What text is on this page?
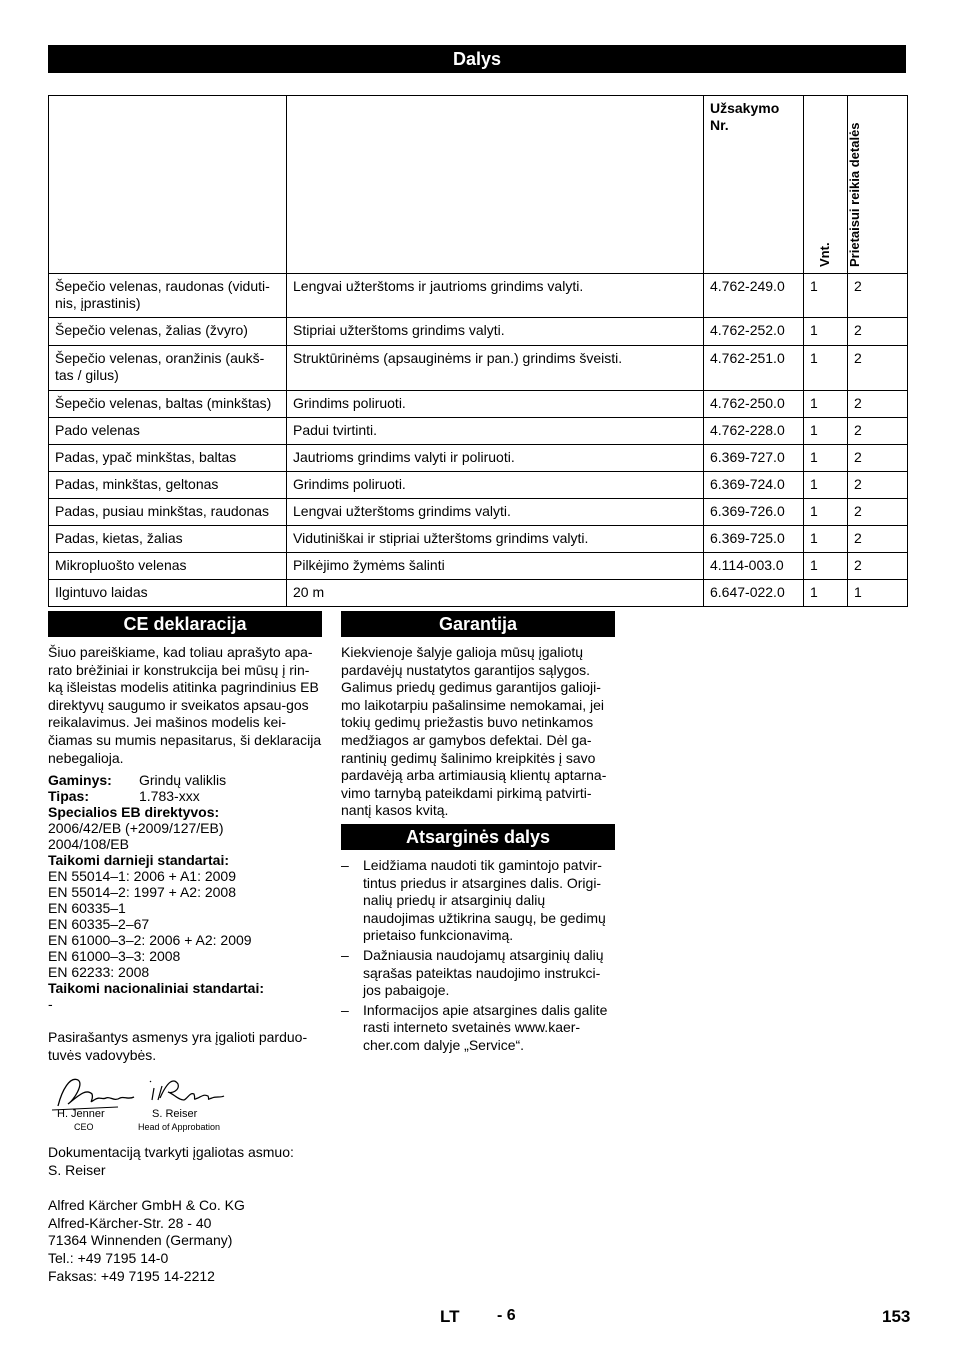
Dalys
		Užsakymo Nr.	Vnt.	Prietaisui reikia detalės

Šepečio velenas, raudonas (viduti-nis, įprastinis)	Lengvai užterštoms ir jautrioms grindims valyti.	4.762-249.0	1	2
Šepečio velenas, žalias (žvyro)	Stipriai užterštoms grindims valyti.	4.762-252.0	1	2
Šepečio velenas, oranžinis (aukš-tas / gilus)	Struktūrinėms (apsauginėms ir pan.) grindims šveisti.	4.762-251.0	1	2
Šepečio velenas, baltas (minkštas)	Grindims poliruoti.	4.762-250.0	1	2
Pado velenas	Padui tvirtinti.	4.762-228.0	1	2
Padas, ypač minkštas, baltas	Jautrioms grindims valyti ir poliruoti.	6.369-727.0	1	2
Padas, minkštas, geltonas	Grindims poliruoti.	6.369-724.0	1	2
Padas, pusiau minkštas, raudonas	Lengvai užterštoms grindims valyti.	6.369-726.0	1	2
Padas, kietas, žalias	Vidutiniškai ir stipriai užterštoms grindims valyti.	6.369-725.0	1	2
Mikropluošto velenas	Pilkėjimo žymėms šalinti	4.114-003.0	1	2
Ilgintuvo laidas	20 m	6.647-022.0	1	1
CE deklaracija

Šiuo pareiškiame, kad toliau aprašyto apa-rato brėžiniai ir konstrukcija bei mūsų į rin-ką išleistas modelis atitinka pagrindinius EB direktyvų saugumo ir sveikatos apsau-gos reikalavimus. Jei mašinos modelis kei-čiamas su mumis nepasitarus, ši deklaracija nebegalioja.

Gaminys:	Grindų valiklis
Tipas:	1.783-xxx
Specialios EB direktyvos:
2006/42/EB (+2009/127/EB)
2004/108/EB
Taikomi darnieji standartai:
EN 55014–1: 2006 + A1: 2009
EN 55014–2: 1997 + A2: 2008
EN 60335–1
EN 60335–2–67
EN 61000–3–2: 2006 + A2: 2009
EN 61000–3–3: 2008
EN 62233: 2008
Taikomi nacionaliniai standartai:
-

Pasirašantys asmenys yra įgalioti parduo-tuvės vadovybės.

H. Jenner
CEO
S. Reiser
Head of Approbation
Dokumentaciją tvarkyti įgaliotas asmuo:
S. Reiser
Alfred Kärcher GmbH & Co. KG
Alfred-Kärcher-Str. 28 - 40
71364 Winnenden (Germany)
Tel.: +49 7195 14-0
Faksas: +49 7195 14-2212
Garantija

Kiekvienoje šalyje galioja mūsų įgaliotų pardavėjų nustatytos garantijos sąlygos. Galimus priedų gedimus garantijos galioji-mo laikotarpiu pašalinsime nemokamai, jei tokių gedimų priežastis buvo netinkamos medžiagos ar gamybos defektai. Dėl ga-rantinių gedimų šalinimo kreipkitės į savo pardavėją arba artimiausią klientų aptarna-vimo tarnybą pateikdami pirkimą patvirti-nantį kasos kvitą.

Atsarginės dalys
– Leidžiama naudoti tik gamintojo patvir-tintus priedus ir atsargines dalis. Origi-nalių priedų ir atsarginių dalių naudojimas užtikrina saugų, be gedimų prietaiso funkcionavimą.
– Dažniausia naudojamų atsarginių dalių sąrašas pateiktas naudojimo instrukci-jos pabaigoje.
– Informacijos apie atsargines dalis galite rasti interneto svetainės www.kaer-cher.com dalyje „Service“.
LT - 6	153
